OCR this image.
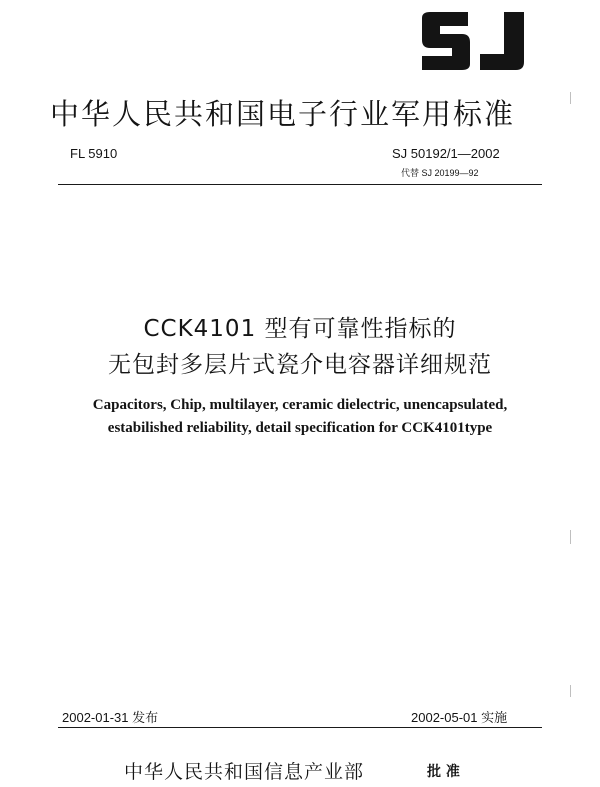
中华人民共和国电子行业军用标准
FL 5910	SJ 50192/1—2002
代替 SJ 20199—92
CCK4101 型有可靠性指标的
无包封多层片式瓷介电容器详细规范
Capacitors, Chip, multilayer, ceramic dielectric, unencapsulated,
estabilished reliability, detail specification for CCK4101type
2002-01-31 发布	2002-05-01 实施
中华人民共和国信息产业部	批 准
